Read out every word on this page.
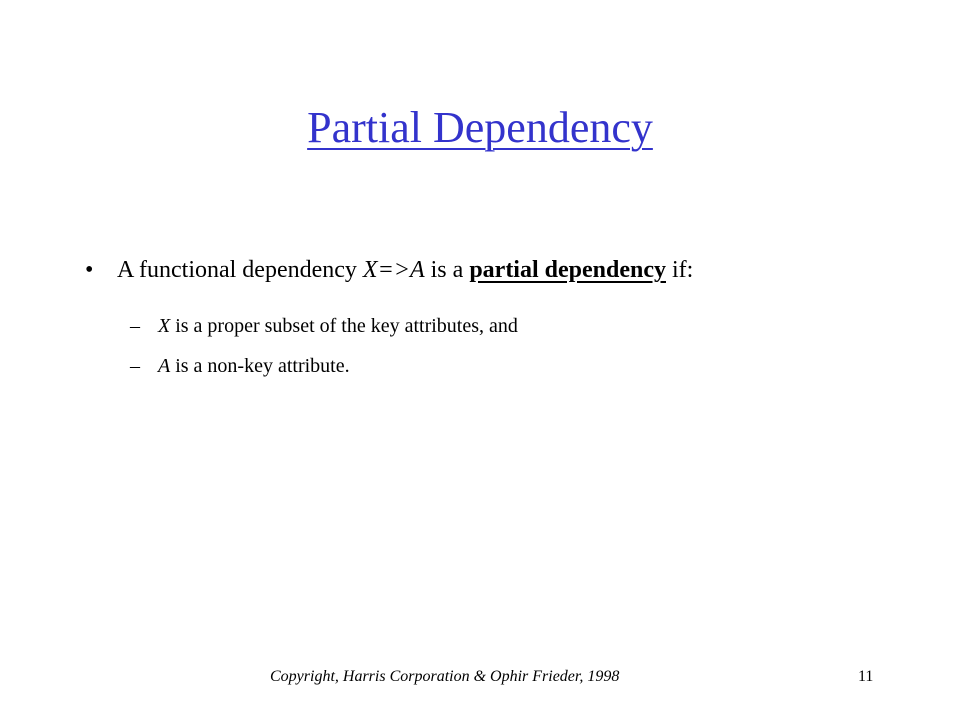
Partial Dependency
• A functional dependency X=>A is a partial dependency if:
– X is a proper subset of the key attributes, and
– A is a non-key attribute.
Copyright, Harris Corporation & Ophir Frieder, 1998	11
